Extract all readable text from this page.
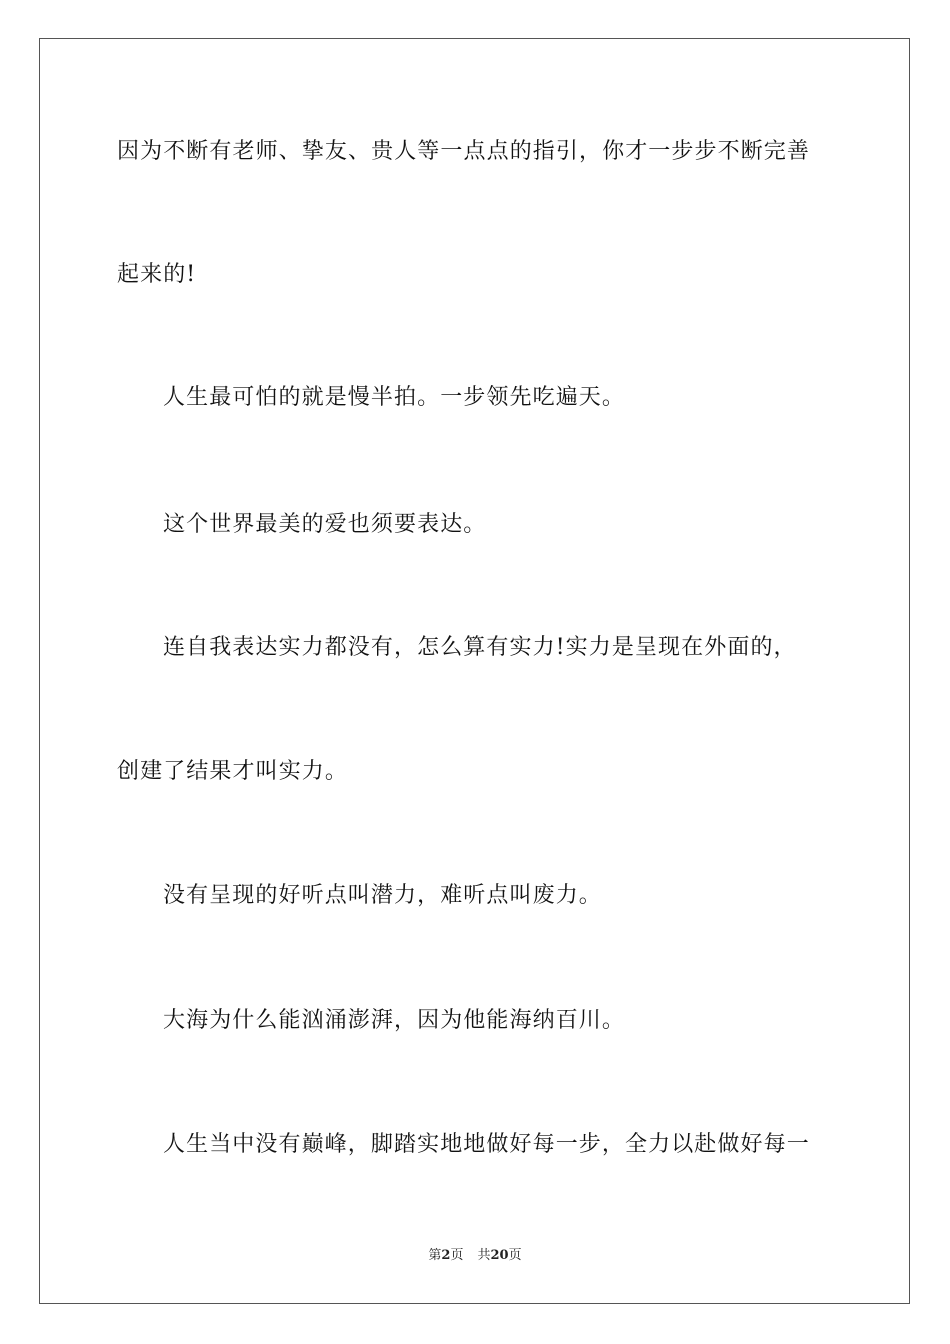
因为不断有老师、挚友、贵人等一点点的指引，你才一步步不断完善
起来的!
人生最可怕的就是慢半拍。一步领先吃遍天。
这个世界最美的爱也须要表达。
连自我表达实力都没有，怎么算有实力!实力是呈现在外面的，
创建了结果才叫实力。
没有呈现的好听点叫潜力，难听点叫废力。
大海为什么能汹涌澎湃，因为他能海纳百川。
人生当中没有巅峰，脚踏实地地做好每一步，全力以赴做好每一
第2页 共20页
